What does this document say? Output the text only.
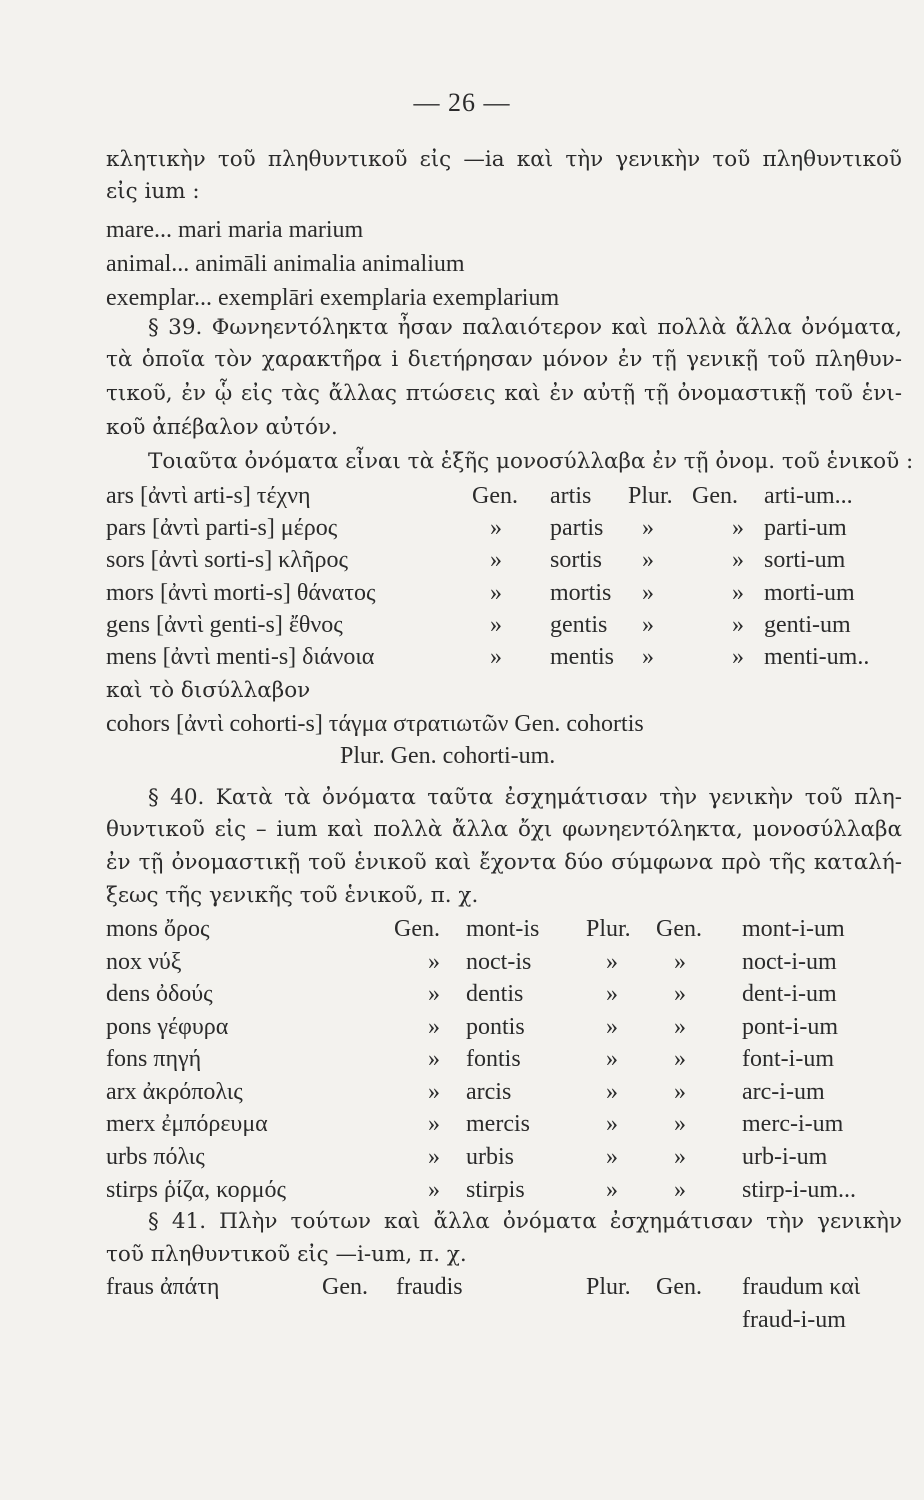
— 26 —
κλητικὴν τοῦ πληθυντικοῦ εἰς —ia καὶ τὴν γενικὴν τοῦ πληθυντικοῦ
εἰς ium :
mare... mari maria marium
animal... animāli animalia animalium
exemplar... exemplāri exemplaria exemplarium
§ 39. Φωνηεντόληκτα ἦσαν παλαιότερον καὶ πολλὰ ἄλλα ὀνόματα,
τὰ ὁποῖα τὸν χαρακτῆρα i διετήρησαν μόνον ἐν τῇ γενικῇ τοῦ πληθυν-
τικοῦ, ἐν ᾧ εἰς τὰς ἄλλας πτώσεις καὶ ἐν αὐτῇ τῇ ὀνομαστικῇ τοῦ ἑνι-
κοῦ ἀπέβαλον αὐτόν.
Τοιαῦτα ὀνόματα εἶναι τὰ ἑξῆς μονοσύλλαβα ἐν τῇ ὀνομ. τοῦ ἑνικοῦ :
ars [ἀντὶ arti-s] τέχνη	Gen. artis Plur. Gen. arti-um...
pars [ἀντὶ parti-s] μέρος	» partis »	» parti-um
sors [ἀντὶ sorti-s] κλῆρος	» sortis »	» sorti-um
mors [ἀντὶ morti-s] θάνατος	» mortis »	» morti-um
gens [ἀντὶ genti-s] ἔθνος	» gentis »	» genti-um
mens [ἀντὶ menti-s] διάνοια	» mentis »	» menti-um..
καὶ τὸ δισύλλαβον
cohors [ἀντὶ cohorti-s] τάγμα στρατιωτῶν Gen. cohortis
Plur. Gen. cohorti-um.
§ 40. Κατὰ τὰ ὀνόματα ταῦτα ἐσχημάτισαν τὴν γενικὴν τοῦ πλη-
θυντικοῦ εἰς – ium καὶ πολλὰ ἄλλα ὄχι φωνηεντόληκτα, μονοσύλλαβα
ἐν τῇ ὀνομαστικῇ τοῦ ἑνικοῦ καὶ ἔχοντα δύο σύμφωνα πρὸ τῆς καταλή-
ξεως τῆς γενικῆς τοῦ ἑνικοῦ, π. χ.
mons ὄρος	Gen. mont-is Plur. Gen. mont-i-um
nox νύξ	» noct-is	» » noct-i-um
dens ὀδούς	» dentis	» » dent-i-um
pons γέφυρα	» pontis	» » pont-i-um
fons πηγή	» fontis	» » font-i-um
arx ἀκρόπολις	» arcis	» » arc-i-um
merx ἐμπόρευμα	» mercis	» » merc-i-um
urbs πόλις	» urbis	» » urb-i-um
stirps ῥίζα, κορμός	» stirpis	» » stirp-i-um...
§ 41. Πλὴν τούτων καὶ ἄλλα ὀνόματα ἐσχημάτισαν τὴν γενικὴν
τοῦ πληθυντικοῦ εἰς —i-um, π. χ.
fraus ἀπάτη	Gen. fraudis	Plur. Gen. fraudum καὶ
fraud-i-um
